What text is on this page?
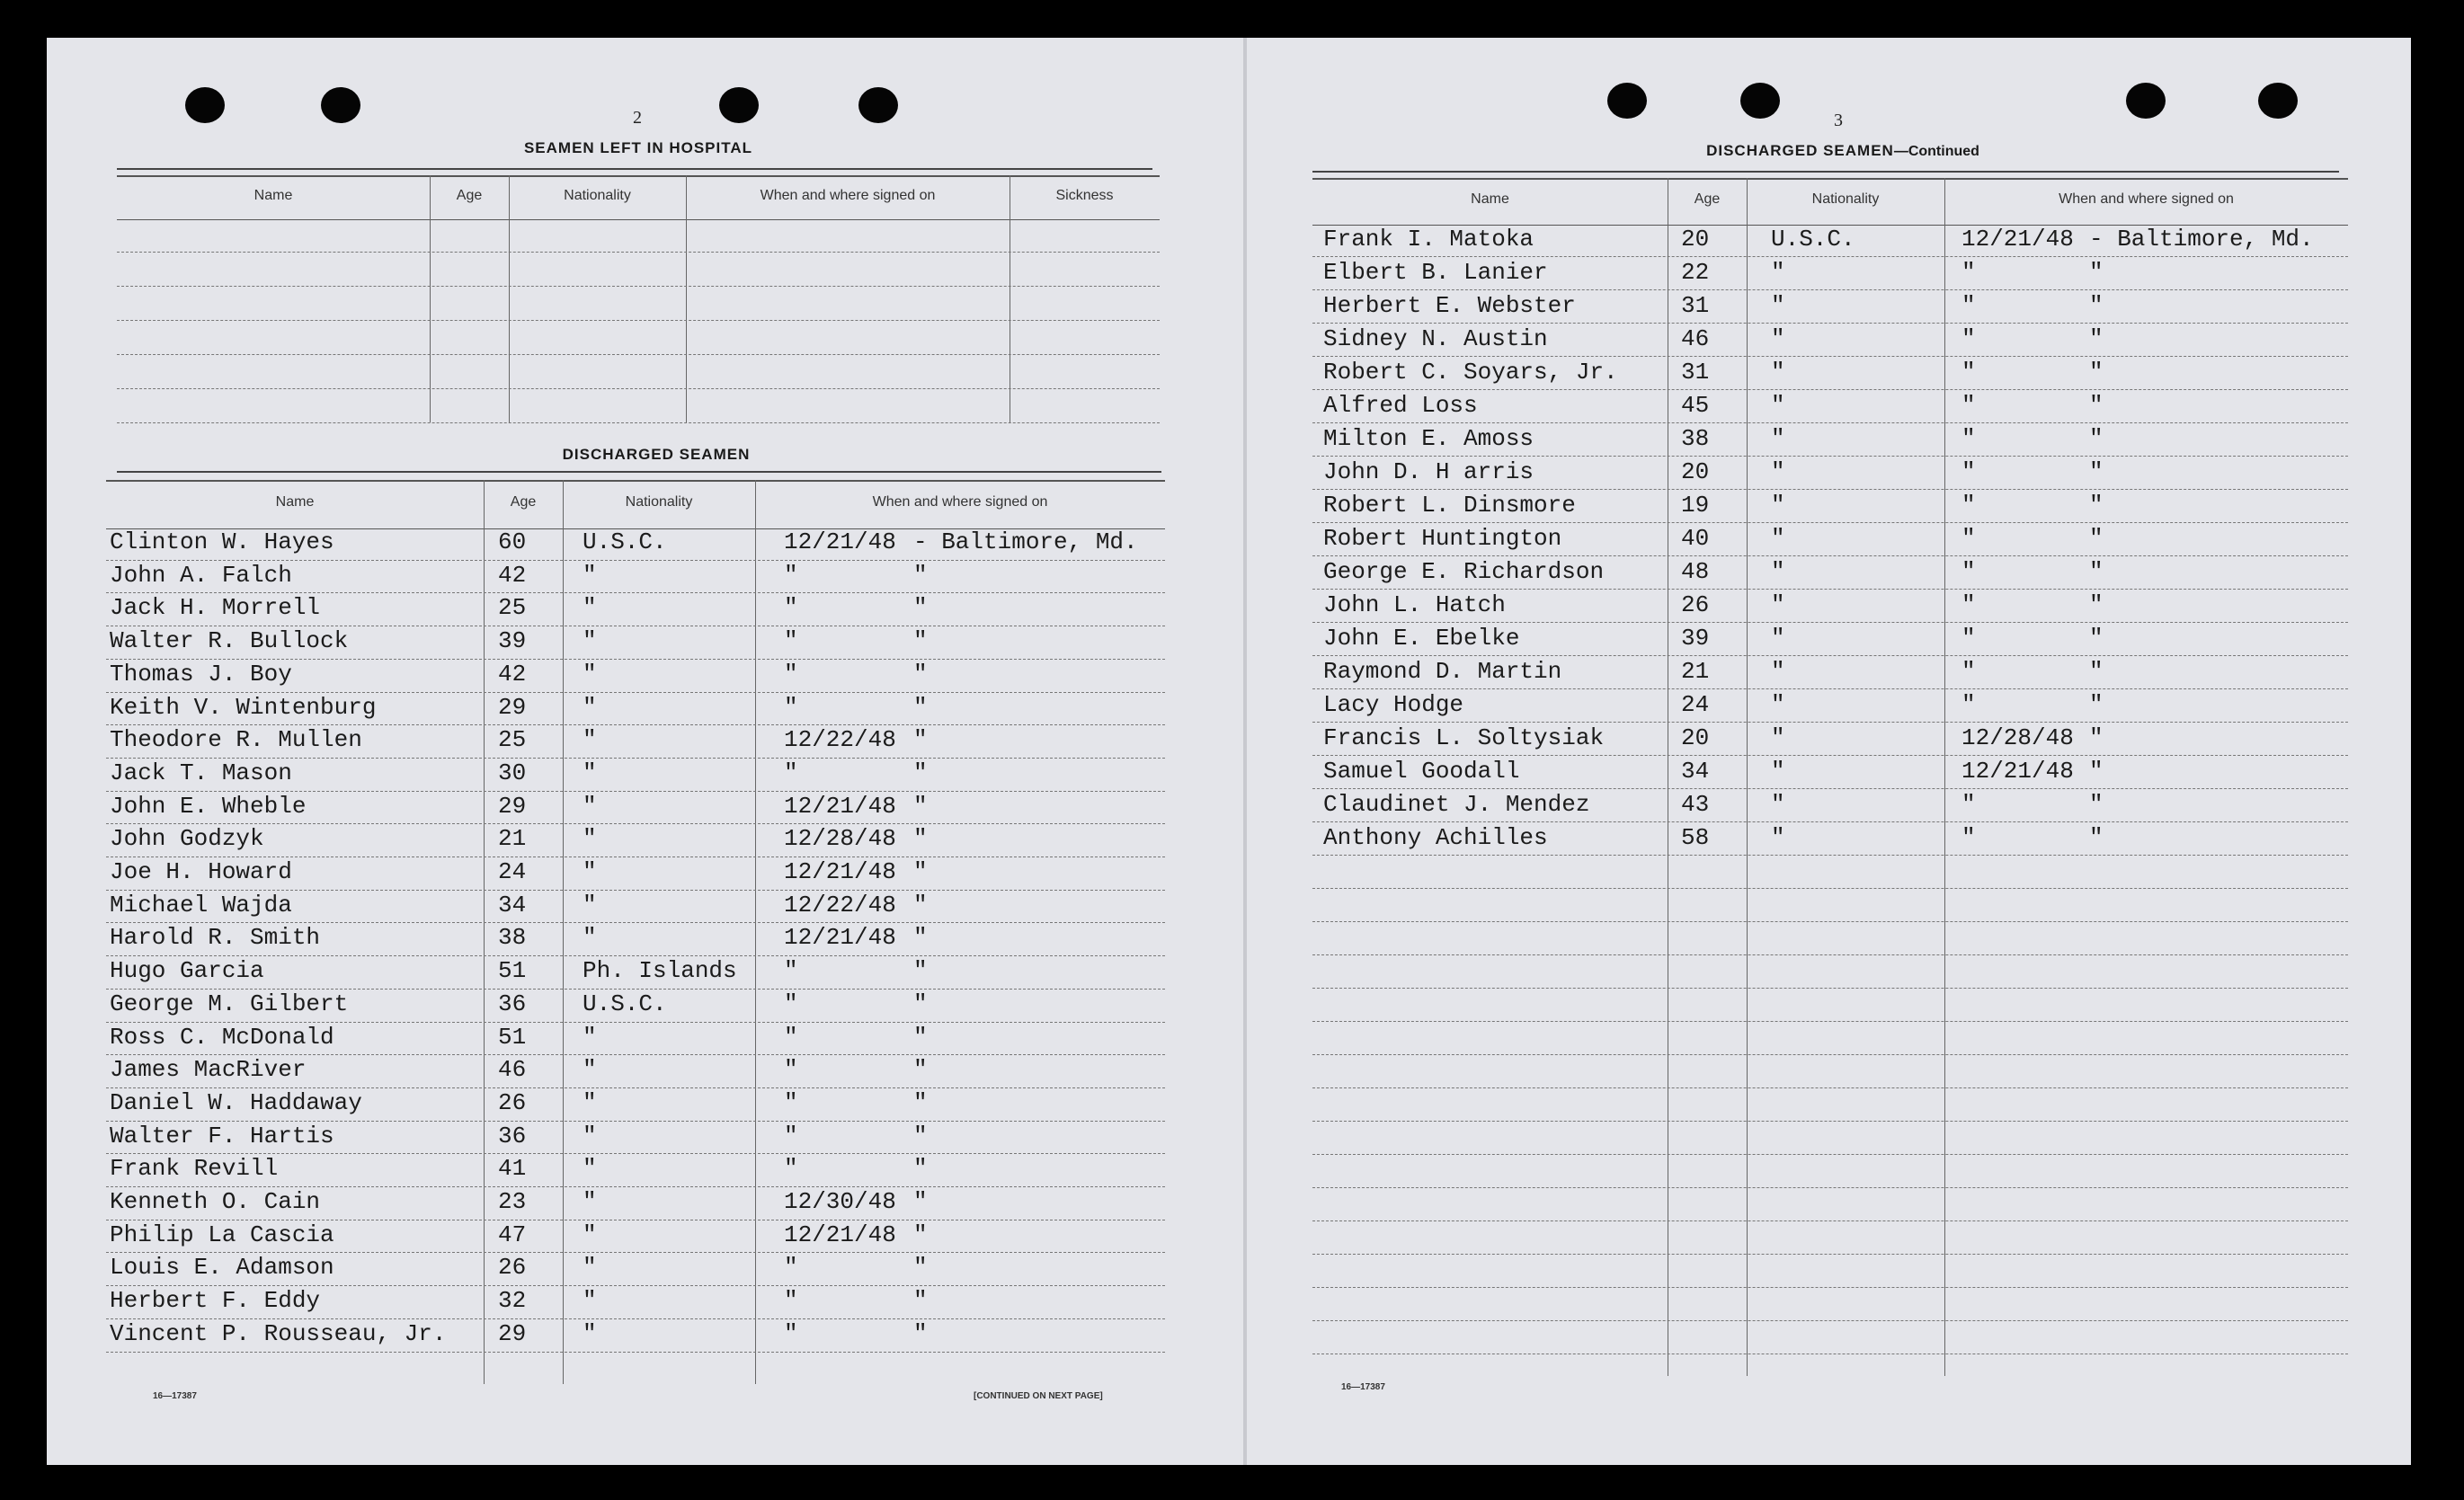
2
SEAMEN LEFT IN HOSPITAL
Name	Age	Nationality	When and where signed on	Sickness
DISCHARGED SEAMEN
Name	Age	Nationality	When and where signed on
Clinton W. Hayes	60 U.S.C.	12/21/48 - Baltimore, Md.
John A. Falch	42 "	"	"
Jack H. Morrell	25 "	"	"
Walter R. Bullock	39 "	"	"
Thomas J. Boy	42 "	"	"
Keith V. Wintenburg	29 "	"	"
Theodore R. Mullen	25 "	12/22/48 "
Jack T. Mason	30 "	"	"
John E. Wheble	29 "	12/21/48 "
John Godzyk	21 "	12/28/48 "
Joe H. Howard	24 "	12/21/48 "
Michael Wajda	34 "	12/22/48 "
Harold R. Smith	38 "	12/21/48 "
Hugo Garcia	51 Ph. Islands "	"
George M. Gilbert	36 U.S.C.	"	"
Ross C. McDonald	51 "	"	"
James MacRiver	46 "	"	"
Daniel W. Haddaway	26 "	"	"
Walter F. Hartis	36 "	"	"
Frank Revill	41 "	"	"
Kenneth O. Cain	23 "	12/30/48 "
Philip La Cascia	47 "	12/21/48 "
Louis E. Adamson	26 "	"	"
Herbert F. Eddy	32 "	"	"
Vincent P. Rousseau, Jr. 29 "	"	"
16—17387	[CONTINUED ON NEXT PAGE]
3
DISCHARGED SEAMEN—Continued
Name	Age	Nationality	When and where signed on
Frank I. Matoka	20	U.S.C.	12/21/48 - Baltimore, Md.
Elbert B. Lanier	22	"	"	"
Herbert E. Webster	31	"	"	"
Sidney N. Austin	46	"	"	"
Robert C. Soyars, Jr.	31	"	"	"
Alfred Loss	45	"	"	"
Milton E. Amoss	38	"	"	"
John D. H arris	20	"	"	"
Robert L. Dinsmore	19	"	"	"
Robert Huntington	40	"	"	"
George E. Richardson	48	"	"	"
John L. Hatch	26	"	"	"
John E. Ebelke	39	"	"	"
Raymond D. Martin	21	"	"	"
Lacy Hodge	24	"	"	"
Francis L. Soltysiak	20	"	12/28/48 "
Samuel Goodall	34	"	12/21/48 "
Claudinet J. Mendez	43	"	"	"
Anthony Achilles	58	"	"	"
16—17387
